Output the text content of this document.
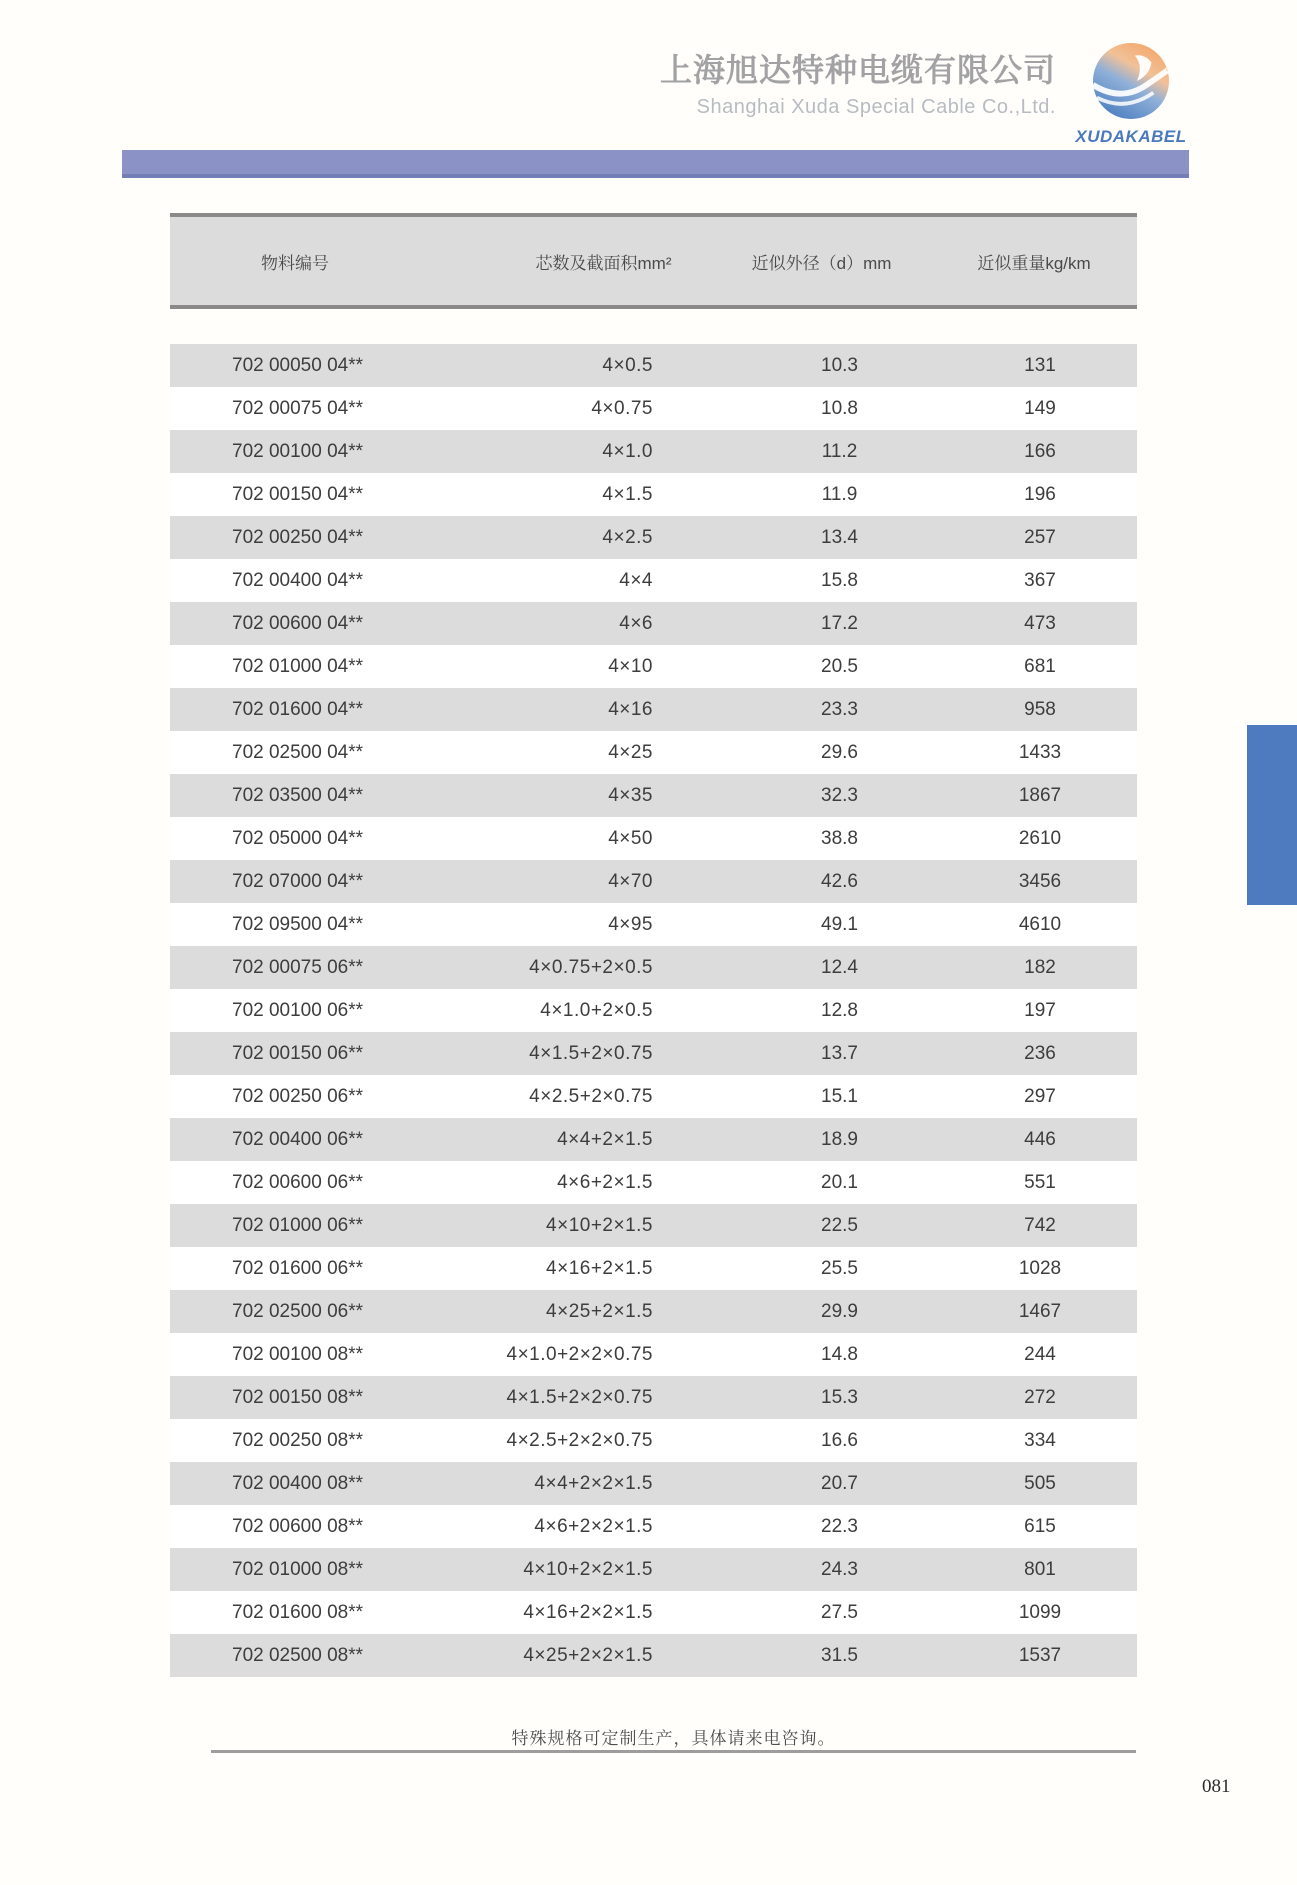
上海旭达特种电缆有限公司
Shanghai Xuda Special Cable Co.,Ltd.
XUDAKABEL
物料编号	芯数及截面积mm²	近似外径（d）mm	近似重量kg/km
702 00050 04**	4×0.5	10.3	131
702 00075 04**	4×0.75	10.8	149
702 00100 04**	4×1.0	11.2	166
702 00150 04**	4×1.5	11.9	196
702 00250 04**	4×2.5	13.4	257
702 00400 04**	4×4	15.8	367
702 00600 04**	4×6	17.2	473
702 01000 04**	4×10	20.5	681
702 01600 04**	4×16	23.3	958
702 02500 04**	4×25	29.6	1433
702 03500 04**	4×35	32.3	1867
702 05000 04**	4×50	38.8	2610
702 07000 04**	4×70	42.6	3456
702 09500 04**	4×95	49.1	4610
702 00075 06**	4×0.75+2×0.5	12.4	182
702 00100 06**	4×1.0+2×0.5	12.8	197
702 00150 06**	4×1.5+2×0.75	13.7	236
702 00250 06**	4×2.5+2×0.75	15.1	297
702 00400 06**	4×4+2×1.5	18.9	446
702 00600 06**	4×6+2×1.5	20.1	551
702 01000 06**	4×10+2×1.5	22.5	742
702 01600 06**	4×16+2×1.5	25.5	1028
702 02500 06**	4×25+2×1.5	29.9	1467
702 00100 08**	4×1.0+2×2×0.75	14.8	244
702 00150 08**	4×1.5+2×2×0.75	15.3	272
702 00250 08**	4×2.5+2×2×0.75	16.6	334
702 00400 08**	4×4+2×2×1.5	20.7	505
702 00600 08**	4×6+2×2×1.5	22.3	615
702 01000 08**	4×10+2×2×1.5	24.3	801
702 01600 08**	4×16+2×2×1.5	27.5	1099
702 02500 08**	4×25+2×2×1.5	31.5	1537
特殊规格可定制生产，具体请来电咨询。
081
